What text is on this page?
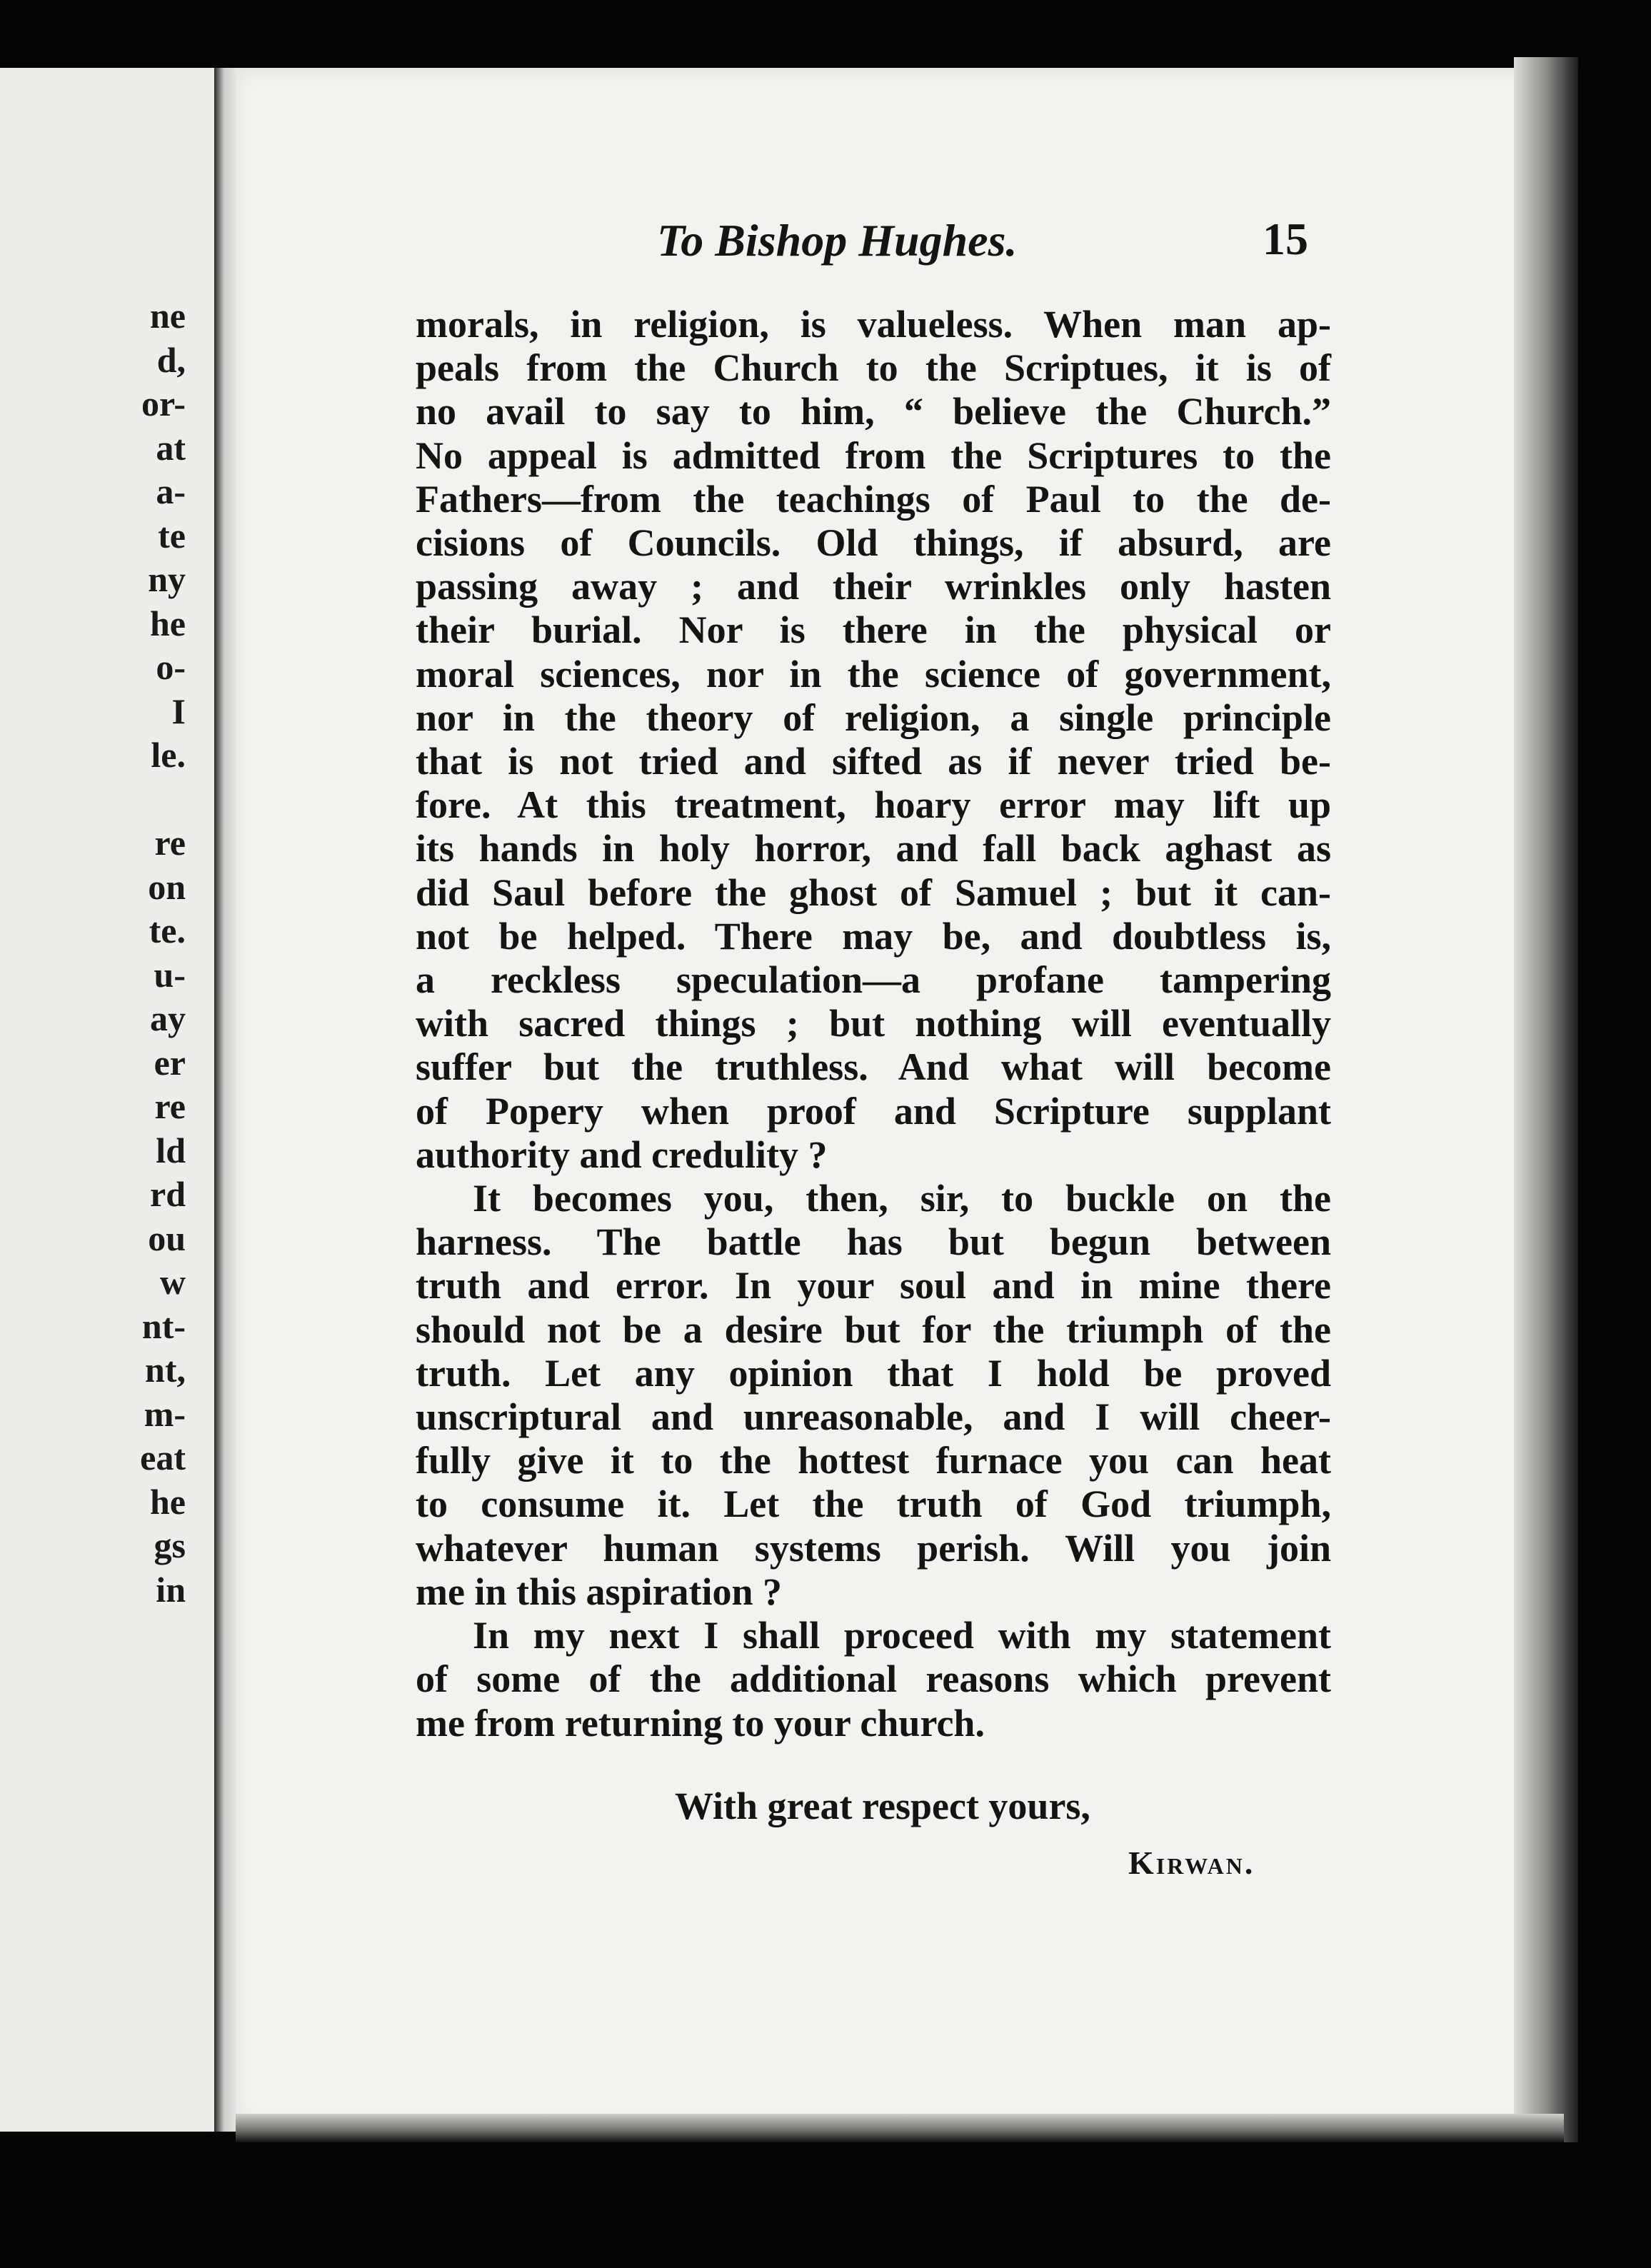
ne
d,
or-
at
a-
te
ny
he
o-
I
le.
re
on
te.
u-
ay
er
re
ld
rd
ou
w
nt-
nt,
m-
eat
he
gs
in
To Bishop Hughes.	15
morals, in religion, is valueless. When man ap-
peals from the Church to the Scriptues, it is of
no avail to say to him, “ believe the Church.”
No appeal is admitted from the Scriptures to the
Fathers—from the teachings of Paul to the de-
cisions of Councils. Old things, if absurd, are
passing away ; and their wrinkles only hasten
their burial. Nor is there in the physical or
moral sciences, nor in the science of government,
nor in the theory of religion, a single principle
that is not tried and sifted as if never tried be-
fore. At this treatment, hoary error may lift up
its hands in holy horror, and fall back aghast as
did Saul before the ghost of Samuel ; but it can-
not be helped. There may be, and doubtless is,
a reckless speculation—a profane tampering
with sacred things ; but nothing will eventually
suffer but the truthless. And what will become
of Popery when proof and Scripture supplant
authority and credulity ?
It becomes you, then, sir, to buckle on the
harness. The battle has but begun between
truth and error. In your soul and in mine there
should not be a desire but for the triumph of the
truth. Let any opinion that I hold be proved
unscriptural and unreasonable, and I will cheer-
fully give it to the hottest furnace you can heat
to consume it. Let the truth of God triumph,
whatever human systems perish. Will you join
me in this aspiration ?
In my next I shall proceed with my statement
of some of the additional reasons which prevent
me from returning to your church.
With great respect yours,
Kirwan.
